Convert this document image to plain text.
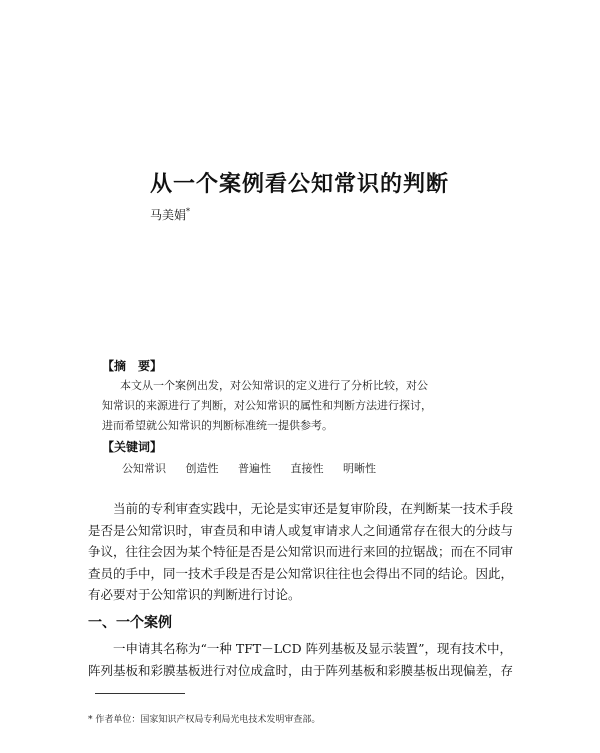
从一个案例看公知常识的判断
马美娟*
【摘　要】
本文从一个案例出发，对公知常识的定义进行了分析比较，对公
知常识的来源进行了判断，对公知常识的属性和判断方法进行探讨，
进而希望就公知常识的判断标准统一提供参考。
【关键词】
公知常识 创造性 普遍性 直接性 明晰性
当前的专利审查实践中，无论是实审还是复审阶段，在判断某一技术手段
是否是公知常识时，审查员和申请人或复审请求人之间通常存在很大的分歧与
争议，往往会因为某个特征是否是公知常识而进行来回的拉锯战；而在不同审
查员的手中，同一技术手段是否是公知常识往往也会得出不同的结论。因此，
有必要对于公知常识的判断进行讨论。
一、一个案例
一申请其名称为“一种 TFT－LCD 阵列基板及显示装置”，现有技术中，
阵列基板和彩膜基板进行对位成盒时，由于阵列基板和彩膜基板出现偏差，存
* 作者单位：国家知识产权局专利局光电技术发明审查部。
